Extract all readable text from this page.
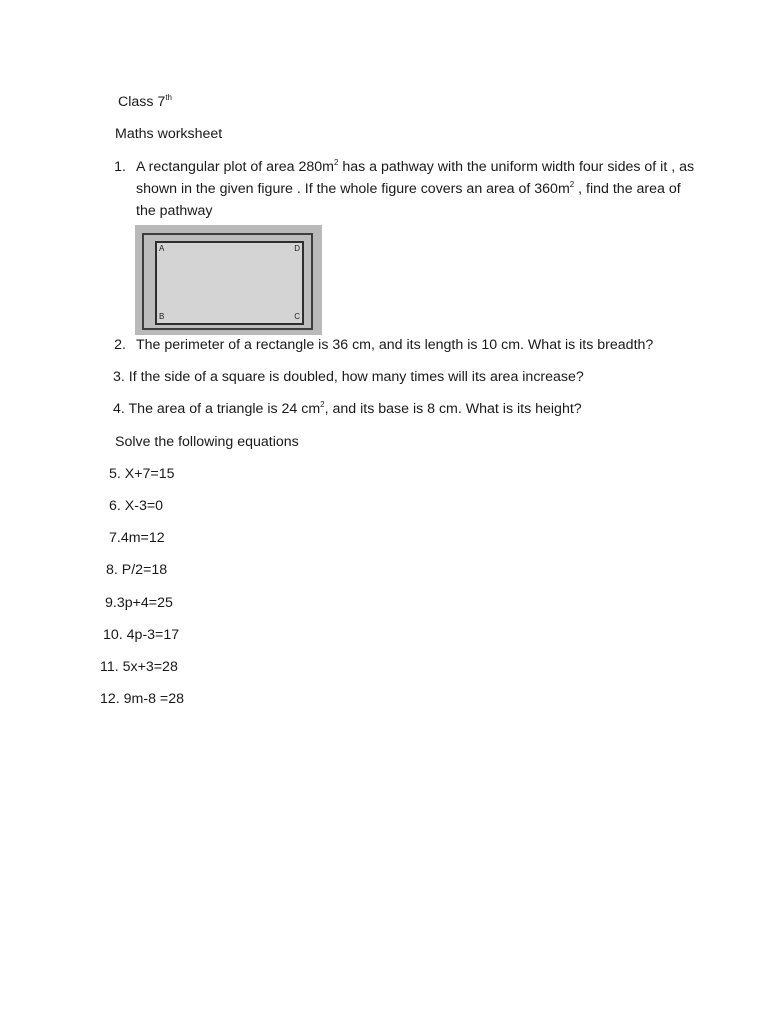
Class 7th
Maths worksheet
1. A rectangular plot of area $280m^2$ has a pathway with the uniform width four sides of it , as shown in the given figure . If the whole figure covers an area of $360m^2$ , find the area of the pathway
A	D
B	C
2. The perimeter of a rectangle is 36 cm, and its length is 10 cm. What is its breadth?
3. If the side of a square is doubled, how many times will its area increase?
4. The area of a triangle is 24 $cm^2$, and its base is 8 cm. What is its height?
Solve the following equations
5. X+7=15
6. X-3=0
7.4m=12
8. P/2=18
9.3p+4=25
10. 4p-3=17
11. 5x+3=28
12. 9m-8 =28
